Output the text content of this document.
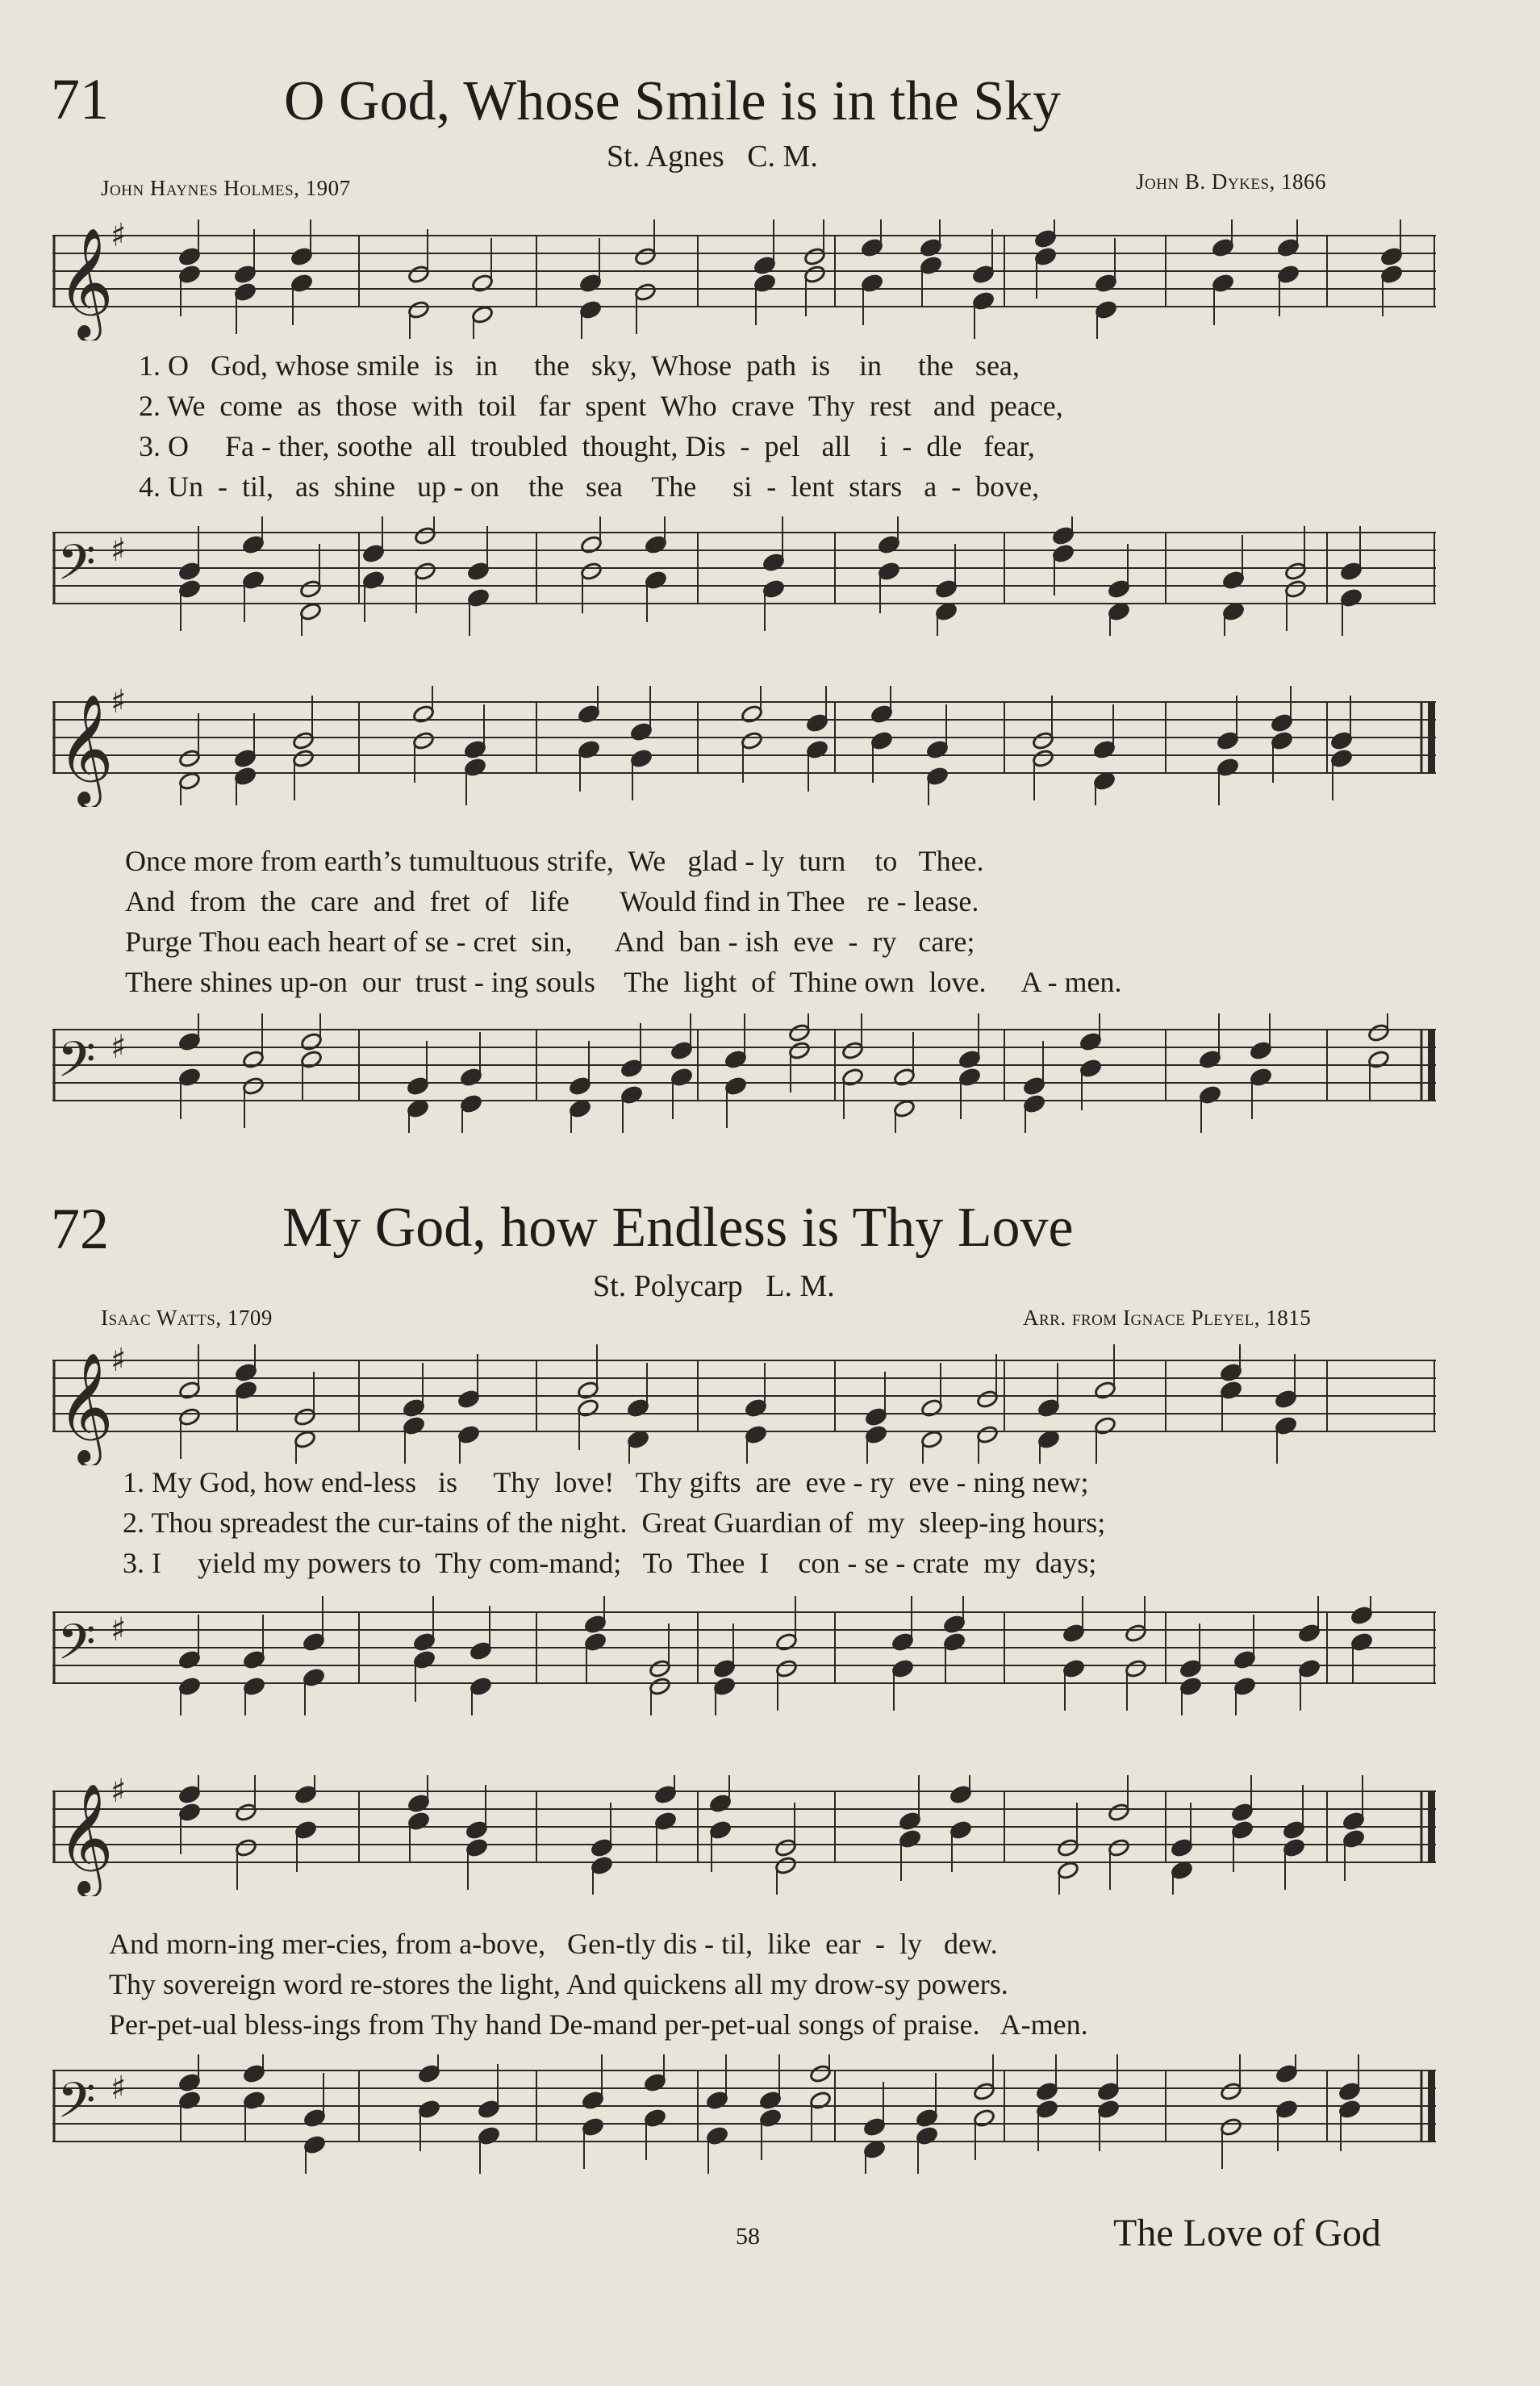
71	O God, Whose Smile is in the Sky
St. Agnes   C. M.
John Haynes Holmes, 1907	John B. Dykes, 1866
𝄞
♯
1. O   God, whose smile  is   in     the   sky,  Whose  path  is    in     the   sea,
2. We  come  as  those  with  toil   far  spent  Who  crave  Thy  rest   and  peace,
3. O     Fa - ther, soothe  all  troubled  thought, Dis  -  pel   all    i  -  dle   fear,
4. Un  -  til,   as  shine   up - on    the   sea    The     si  -  lent  stars   a  -  bove,
𝄢 ♯
𝄞
♯
Once more from earth’s tumultuous strife,  We   glad - ly  turn    to   Thee.
And  from  the  care  and  fret  of   life       Would find in Thee   re - lease.
Purge Thou each heart of se - cret  sin,      And  ban - ish  eve  -  ry   care;
There shines up-on  our  trust - ing souls    The  light  of  Thine own  love.     A - men.
𝄢 ♯
72	My God, how Endless is Thy Love
St. Polycarp   L. M.
Isaac Watts, 1709	Arr. from Ignace Pleyel, 1815
𝄞
♯
1. My God, how end-less   is     Thy  love!   Thy gifts  are  eve - ry  eve - ning new;
2. Thou spreadest the cur-tains of the night.  Great Guardian of  my  sleep-ing hours;
3. I     yield my powers to  Thy com-mand;   To  Thee  I    con - se - crate  my  days;
𝄢 ♯
𝄞
♯
And morn-ing mer-cies, from a-bove,   Gen-tly dis - til,  like  ear  -  ly   dew.
Thy sovereign word re-stores the light, And quickens all my drow-sy powers.
Per-pet-ual bless-ings from Thy hand De-mand per-pet-ual songs of praise.   A-men.
𝄢 ♯
58	The Love of God
